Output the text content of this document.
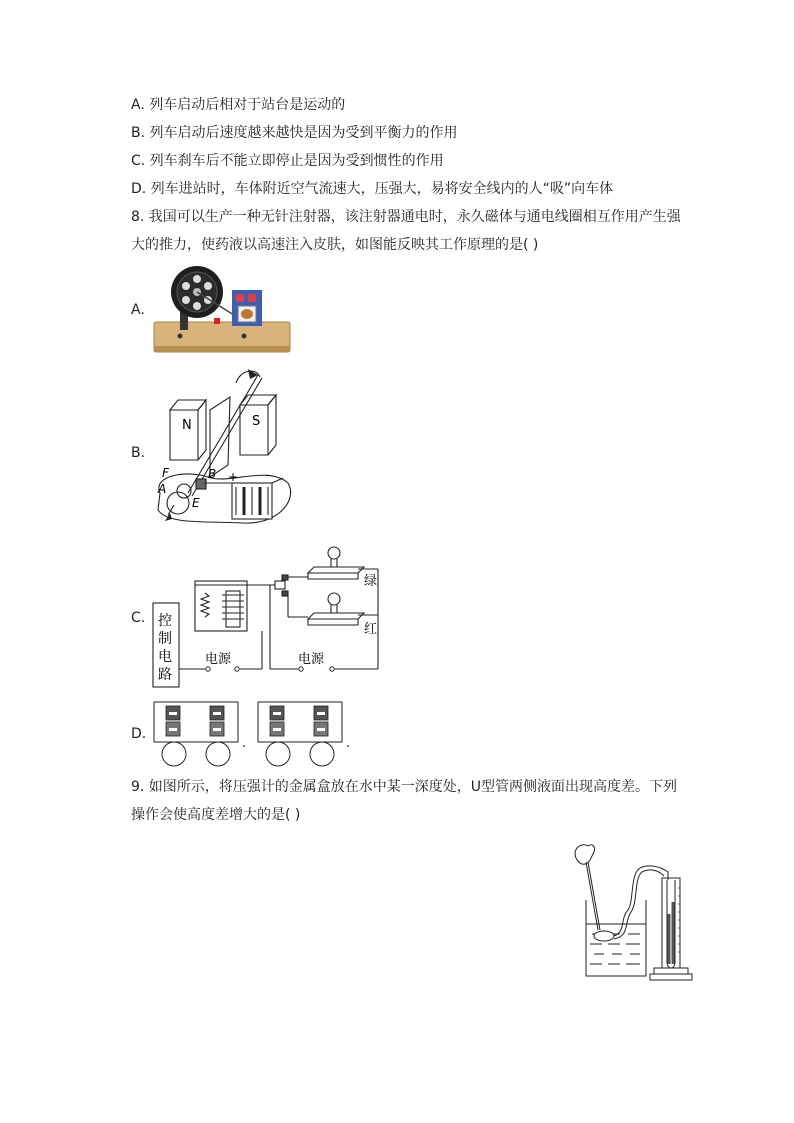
A. 列车启动后相对于站台是运动的
B. 列车启动后速度越来越快是因为受到平衡力的作用
C. 列车刹车后不能立即停止是因为受到惯性的作用
D. 列车进站时，车体附近空气流速大，压强大，易将安全线内的人“吸”向车体
8. 我国可以生产一种无针注射器，该注射器通电时，永久磁体与通电线圈相互作用产生强
大的推力，使药液以高速注入皮肤，如图能反映其工作原理的是( )
A.
B.
N	S
F	B
A
E
+ -
C. 控
制
电
路
电源	电源
绿
红
D.
9. 如图所示，将压强计的金属盒放在水中某一深度处，U型管两侧液面出现高度差。下列
操作会使高度差增大的是( )
